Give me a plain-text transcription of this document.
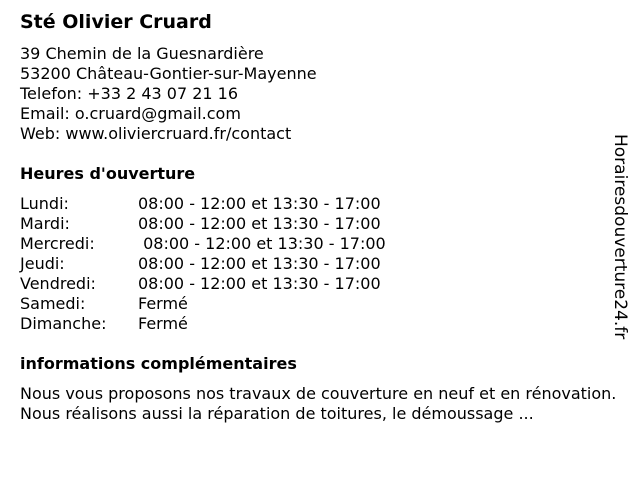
Sté Olivier Cruard
39 Chemin de la Guesnardière
53200 Château-Gontier-sur-Mayenne
Telefon: +33 2 43 07 21 16
Email: o.cruard@gmail.com
Web: www.oliviercruard.fr/contact
Heures d'ouverture
Lundi:	08:00 - 12:00 et 13:30 - 17:00
Mardi:	08:00 - 12:00 et 13:30 - 17:00
Mercredi:	08:00 - 12:00 et 13:30 - 17:00
Jeudi:	08:00 - 12:00 et 13:30 - 17:00
Vendredi:	08:00 - 12:00 et 13:30 - 17:00
Samedi:	Fermé
Dimanche:	Fermé
informations complémentaires
Nous vous proposons nos travaux de couverture en neuf et en rénovation. Nous réalisons aussi la réparation de toitures, le démoussage ...
Horairesdouverture24.fr
